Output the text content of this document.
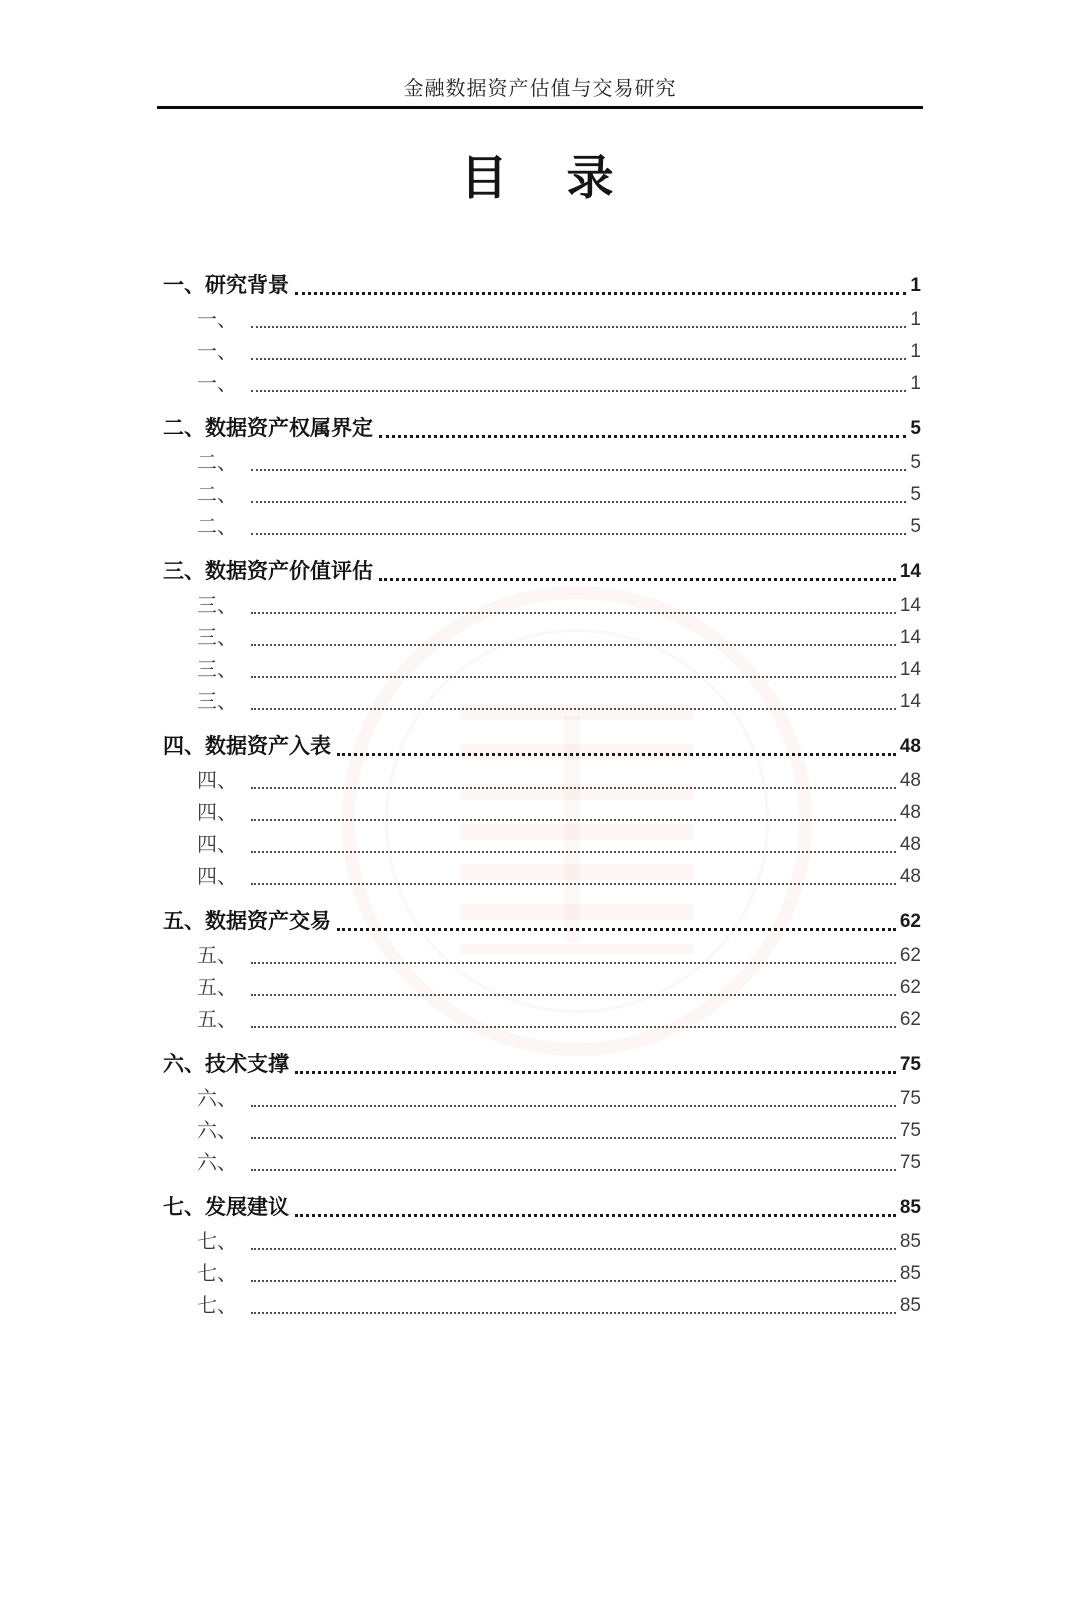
金融数据资产估值与交易研究
目　录
一、 研究背景	1
一、	1
一、	1
一、	1
二、 数据资产权属界定	5
二、	5
二、	5
二、	5
三、 数据资产价值评估	14
三、	14
三、	14
三、	14
三、	14
四、 数据资产入表	48
四、	48
四、	48
四、	48
四、	48
五、 数据资产交易	62
五、	62
五、	62
五、	62
六、 技术支撑	75
六、	75
六、	75
六、	75
七、 发展建议	85
七、	85
七、	85
七、	85
